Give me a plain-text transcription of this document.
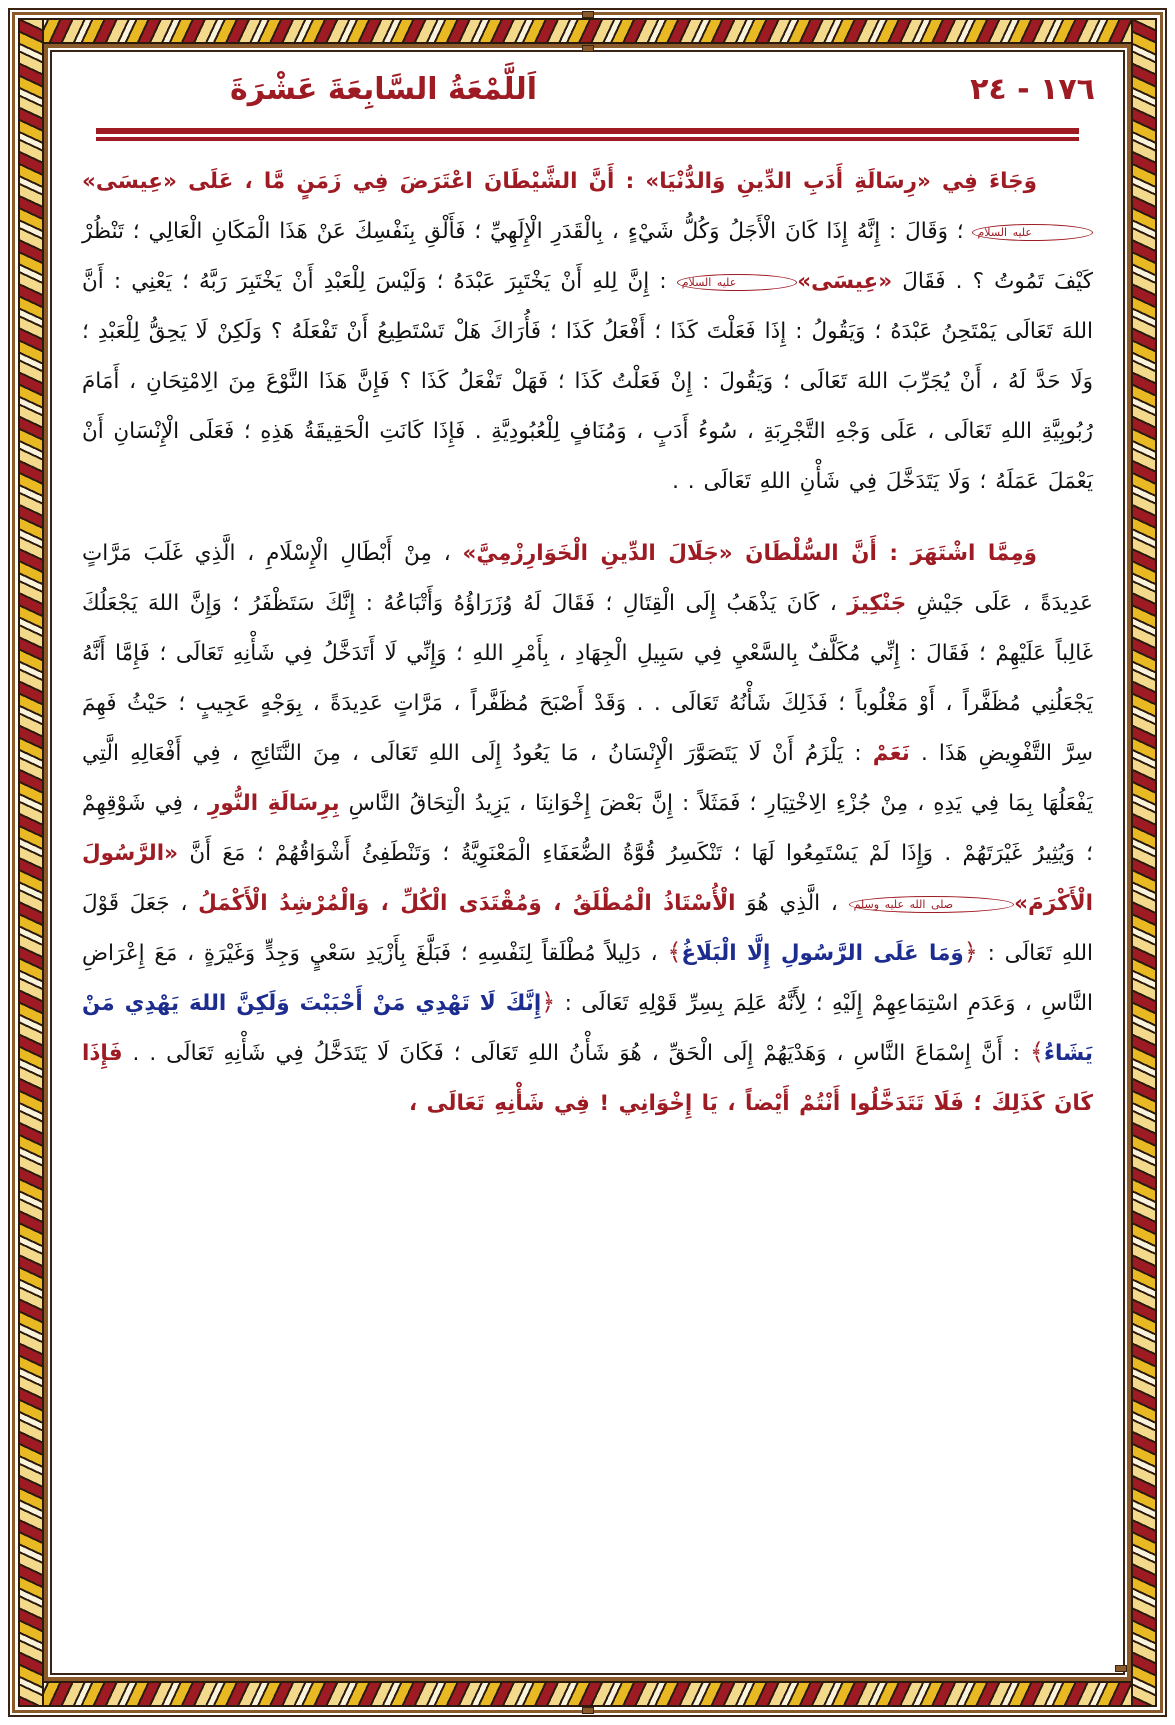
١٧٦ - ٢٤
اَللَّمْعَةُ السَّابِعَةَ عَشْرَةَ

وَجَاءَ فِي «رِسَالَةِ أَدَبِ الدِّينِ وَالدُّنْيَا» : أَنَّ الشَّيْطَانَ اعْتَرَضَ فِي زَمَنٍ مَّا ، عَلَى «عِيسَى»عليه السلام ؛ وَقَالَ : إِنَّهُ إِذَا كَانَ الْأَجَلُ وَكُلُّ شَيْءٍ ، بِالْقَدَرِ الْإِلَهِيِّ ؛ فَأَلْقِ بِنَفْسِكَ عَنْ هَذَا الْمَكَانِ الْعَالِي ؛ تَنْظُرْ كَيْفَ تَمُوتُ ؟ . فَقَالَ «عِيسَى»عليه السلام : إِنَّ لِلهِ أَنْ يَخْتَبِرَ عَبْدَهُ ؛ وَلَيْسَ لِلْعَبْدِ أَنْ يَخْتَبِرَ رَبَّهُ ؛ يَعْنِي : أَنَّ اللهَ تَعَالَى يَمْتَحِنُ عَبْدَهُ ؛ وَيَقُولُ : إِذَا فَعَلْتَ كَذَا ؛ أَفْعَلُ كَذَا ؛ فَأُرَاكَ هَلْ تَسْتَطِيعُ أَنْ تَفْعَلَهُ ؟ وَلَكِنْ لَا يَحِقُّ لِلْعَبْدِ ؛ وَلَا حَدَّ لَهُ ، أَنْ يُجَرِّبَ اللهَ تَعَالَى ؛ وَيَقُولَ : إِنْ فَعَلْتُ كَذَا ؛ فَهَلْ تَفْعَلُ كَذَا ؟ فَإِنَّ هَذَا النَّوْعَ مِنَ الِامْتِحَانِ ، أَمَامَ رُبُوبِيَّةِ اللهِ تَعَالَى ، عَلَى وَجْهِ التَّجْرِبَةِ ، سُوءُ أَدَبٍ ، وَمُنَافٍ لِلْعُبُودِيَّةِ . فَإِذَا كَانَتِ الْحَقِيقَةُ هَذِهِ ؛ فَعَلَى الْإِنْسَانِ أَنْ يَعْمَلَ عَمَلَهُ ؛ وَلَا يَتَدَخَّلَ فِي شَأْنِ اللهِ تَعَالَى . .

وَمِمَّا اشْتَهَرَ : أَنَّ السُّلْطَانَ «جَلَالَ الدِّينِ الْخَوَارِزْمِيَّ» ، مِنْ أَبْطَالِ الْإِسْلَامِ ، الَّذِي غَلَبَ مَرَّاتٍ عَدِيدَةً ، عَلَى جَيْشِ جَنْكِيزَ ، كَانَ يَذْهَبُ إِلَى الْقِتَالِ ؛ فَقَالَ لَهُ وُزَرَاؤُهُ وَأَتْبَاعُهُ : إِنَّكَ سَتَظْفَرُ ؛ وَإِنَّ اللهَ يَجْعَلُكَ غَالِباً عَلَيْهِمْ ؛ فَقَالَ : إِنِّي مُكَلَّفٌ بِالسَّعْيِ فِي سَبِيلِ الْجِهَادِ ، بِأَمْرِ اللهِ ؛ وَإِنِّي لَا أَتَدَخَّلُ فِي شَأْنِهِ تَعَالَى ؛ فَإِمَّا أَنَّهُ يَجْعَلُنِي مُظَفَّراً ، أَوْ مَغْلُوباً ؛ فَذَلِكَ شَأْنُهُ تَعَالَى . . وَقَدْ أَصْبَحَ مُظَفَّراً ، مَرَّاتٍ عَدِيدَةً ، بِوَجْهٍ عَجِيبٍ ؛ حَيْثُ فَهِمَ سِرَّ التَّفْوِيضِ هَذَا . نَعَمْ : يَلْزَمُ أَنْ لَا يَتَصَوَّرَ الْإِنْسَانُ ، مَا يَعُودُ إِلَى اللهِ تَعَالَى ، مِنَ النَّتَائِجِ ، فِي أَفْعَالِهِ الَّتِي يَفْعَلُهَا بِمَا فِي يَدِهِ ، مِنْ جُزْءِ الِاخْتِيَارِ ؛ فَمَثَلاً : إِنَّ بَعْضَ إِخْوَانِنَا ، يَزِيدُ الْتِحَاقُ النَّاسِ بِرِسَالَةِ النُّورِ ، فِي شَوْقِهِمْ ؛ وَيُثِيرُ غَيْرَتَهُمْ . وَإِذَا لَمْ يَسْتَمِعُوا لَهَا ؛ تَنْكَسِرُ قُوَّةُ الضُّعَفَاءِ الْمَعْنَوِيَّةُ ؛ وَتَنْطَفِئُ أَشْوَاقُهُمْ ؛ مَعَ أَنَّ «الرَّسُولَ الْأَكْرَمَ»صلى الله عليه وسلم ، الَّذِي هُوَ الْأُسْتَاذُ الْمُطْلَقُ ، وَمُقْتَدَى الْكُلِّ ، وَالْمُرْشِدُ الْأَكْمَلُ ، جَعَلَ قَوْلَ اللهِ تَعَالَى : ﴿وَمَا عَلَى الرَّسُولِ إِلَّا الْبَلَاغُ﴾ ، دَلِيلاً مُطْلَقاً لِنَفْسِهِ ؛ فَبَلَّغَ بِأَزْيَدِ سَعْيٍ وَجِدٍّ وَغَيْرَةٍ ، مَعَ إِعْرَاضِ النَّاسِ ، وَعَدَمِ اسْتِمَاعِهِمْ إِلَيْهِ ؛ لِأَنَّهُ عَلِمَ بِسِرِّ قَوْلِهِ تَعَالَى : ﴿إِنَّكَ لَا تَهْدِي مَنْ أَحْبَبْتَ وَلَكِنَّ اللهَ يَهْدِي مَنْ يَشَاءُ﴾ : أَنَّ إِسْمَاعَ النَّاسِ ، وَهَدْيَهُمْ إِلَى الْحَقِّ ، هُوَ شَأْنُ اللهِ تَعَالَى ؛ فَكَانَ لَا يَتَدَخَّلُ فِي شَأْنِهِ تَعَالَى . . فَإِذَا كَانَ كَذَلِكَ ؛ فَلَا تَتَدَخَّلُوا أَنْتُمْ أَيْضاً ، يَا إِخْوَانِي ! فِي شَأْنِهِ تَعَالَى ،
